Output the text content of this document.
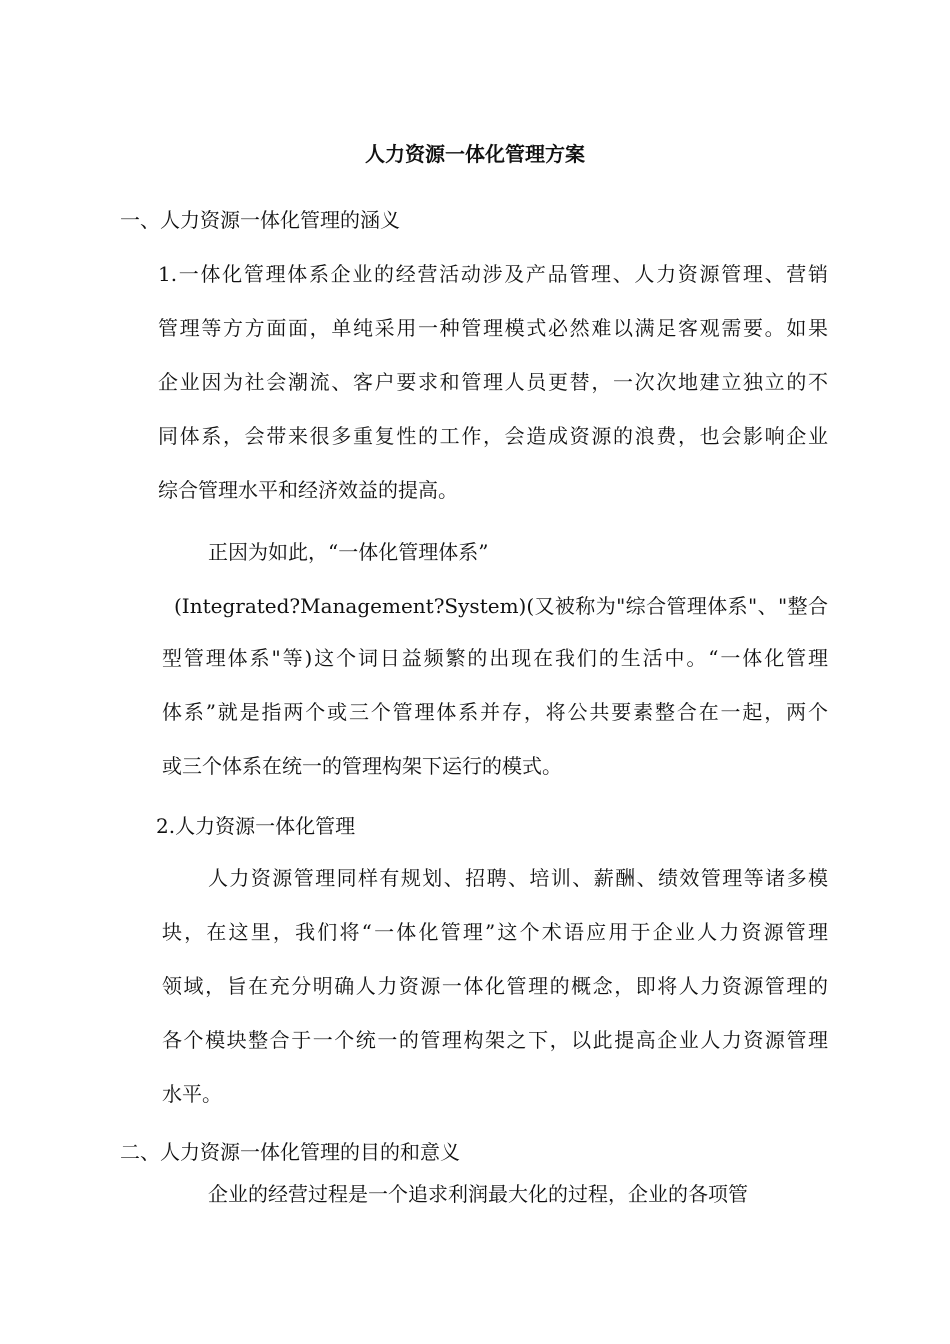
人力资源一体化管理方案

一、人力资源一体化管理的涵义

1.一体化管理体系企业的经营活动涉及产品管理、人力资源管理、营销

管理等方方面面，单纯采用一种管理模式必然难以满足客观需要。如果

企业因为社会潮流、客户要求和管理人员更替，一次次地建立独立的不

同体系，会带来很多重复性的工作，会造成资源的浪费，也会影响企业

综合管理水平和经济效益的提高。

正因为如此，“一体化管理体系”

(Integrated?Management?System)(又被称为"综合管理体系"、"整合

型管理体系"等)这个词日益频繁的出现在我们的生活中。“一体化管理

体系”就是指两个或三个管理体系并存，将公共要素整合在一起，两个

或三个体系在统一的管理构架下运行的模式。

2.人力资源一体化管理

人力资源管理同样有规划、招聘、培训、薪酬、绩效管理等诸多模

块，在这里，我们将“一体化管理”这个术语应用于企业人力资源管理

领域，旨在充分明确人力资源一体化管理的概念，即将人力资源管理的

各个模块整合于一个统一的管理构架之下，以此提高企业人力资源管理

水平。

二、人力资源一体化管理的目的和意义

企业的经营过程是一个追求利润最大化的过程，企业的各项管
